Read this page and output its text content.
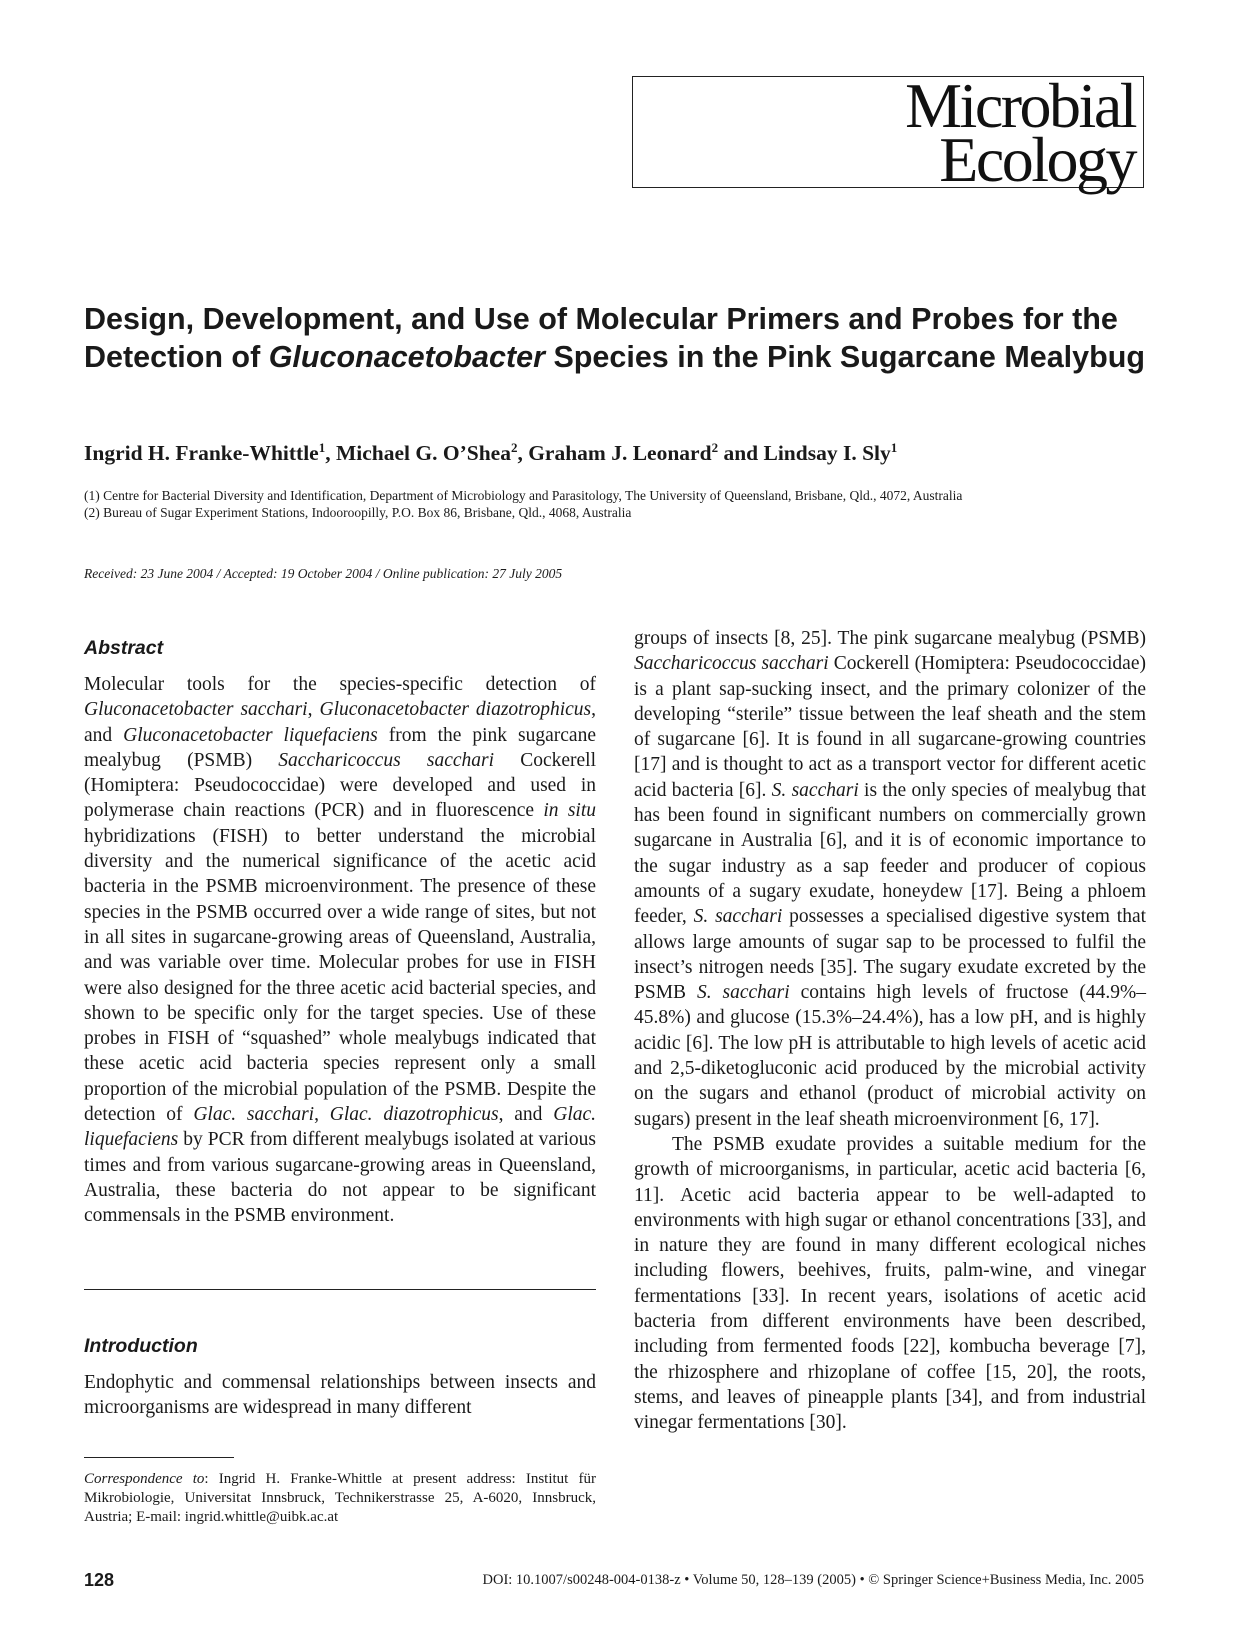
Microbial
Ecology
Design, Development, and Use of Molecular Primers and Probes for the Detection of Gluconacetobacter Species in the Pink Sugarcane Mealybug
Ingrid H. Franke-Whittle$^1$, Michael G. O’Shea$^2$, Graham J. Leonard$^2$ and Lindsay I. Sly$^1$
(1) Centre for Bacterial Diversity and Identification, Department of Microbiology and Parasitology, The University of Queensland, Brisbane, Qld., 4072, Australia
(2) Bureau of Sugar Experiment Stations, Indooroopilly, P.O. Box 86, Brisbane, Qld., 4068, Australia
Received: 23 June 2004 / Accepted: 19 October 2004 / Online publication: 27 July 2005
Abstract

Molecular tools for the species-specific detection of Gluconacetobacter sacchari, Gluconacetobacter diazotrophicus, and Gluconacetobacter liquefaciens from the pink sugarcane mealybug (PSMB) Saccharicoccus sacchari Cockerell (Homiptera: Pseudococcidae) were developed and used in polymerase chain reactions (PCR) and in fluorescence in situ hybridizations (FISH) to better understand the microbial diversity and the numerical significance of the acetic acid bacteria in the PSMB microenvironment. The presence of these species in the PSMB occurred over a wide range of sites, but not in all sites in sugarcane-growing areas of Queensland, Australia, and was variable over time. Molecular probes for use in FISH were also designed for the three acetic acid bacterial species, and shown to be specific only for the target species. Use of these probes in FISH of “squashed” whole mealybugs indicated that these acetic acid bacteria species represent only a small proportion of the microbial population of the PSMB. Despite the detection of Glac. sacchari, Glac. diazotrophicus, and Glac. liquefaciens by PCR from different mealybugs isolated at various times and from various sugarcane-growing areas in Queensland, Australia, these bacteria do not appear to be significant commensals in the PSMB environment.

Introduction

Endophytic and commensal relationships between insects and microorganisms are widespread in many different

Correspondence to: Ingrid H. Franke-Whittle at present address: Institut für Mikrobiologie, Universitat Innsbruck, Technikerstrasse 25, A-6020, Innsbruck, Austria; E-mail: ingrid.whittle@uibk.ac.at

groups of insects [8, 25]. The pink sugarcane mealybug (PSMB) Saccharicoccus sacchari Cockerell (Homiptera: Pseudococcidae) is a plant sap-sucking insect, and the primary colonizer of the developing “sterile” tissue between the leaf sheath and the stem of sugarcane [6]. It is found in all sugarcane-growing countries [17] and is thought to act as a transport vector for different acetic acid bacteria [6]. S. sacchari is the only species of mealybug that has been found in significant numbers on commercially grown sugarcane in Australia [6], and it is of economic importance to the sugar industry as a sap feeder and producer of copious amounts of a sugary exudate, honeydew [17]. Being a phloem feeder, S. sacchari possesses a specialised digestive system that allows large amounts of sugar sap to be processed to fulfil the insect’s nitrogen needs [35]. The sugary exudate excreted by the PSMB S. sacchari contains high levels of fructose (44.9%–45.8%) and glucose (15.3%–24.4%), has a low pH, and is highly acidic [6]. The low pH is attributable to high levels of acetic acid and 2,5-diketogluconic acid produced by the microbial activity on the sugars and ethanol (product of microbial activity on sugars) present in the leaf sheath microenvironment [6, 17].

The PSMB exudate provides a suitable medium for the growth of microorganisms, in particular, acetic acid bacteria [6, 11]. Acetic acid bacteria appear to be well-adapted to environments with high sugar or ethanol concentrations [33], and in nature they are found in many different ecological niches including flowers, beehives, fruits, palm-wine, and vinegar fermentations [33]. In recent years, isolations of acetic acid bacteria from different environments have been described, including from fermented foods [22], kombucha beverage [7], the rhizosphere and rhizoplane of coffee [15, 20], the roots, stems, and leaves of pineapple plants [34], and from industrial vinegar fermentations [30].

128	DOI: 10.1007/s00248-004-0138-z • Volume 50, 128–139 (2005) • © Springer Science+Business Media, Inc. 2005
